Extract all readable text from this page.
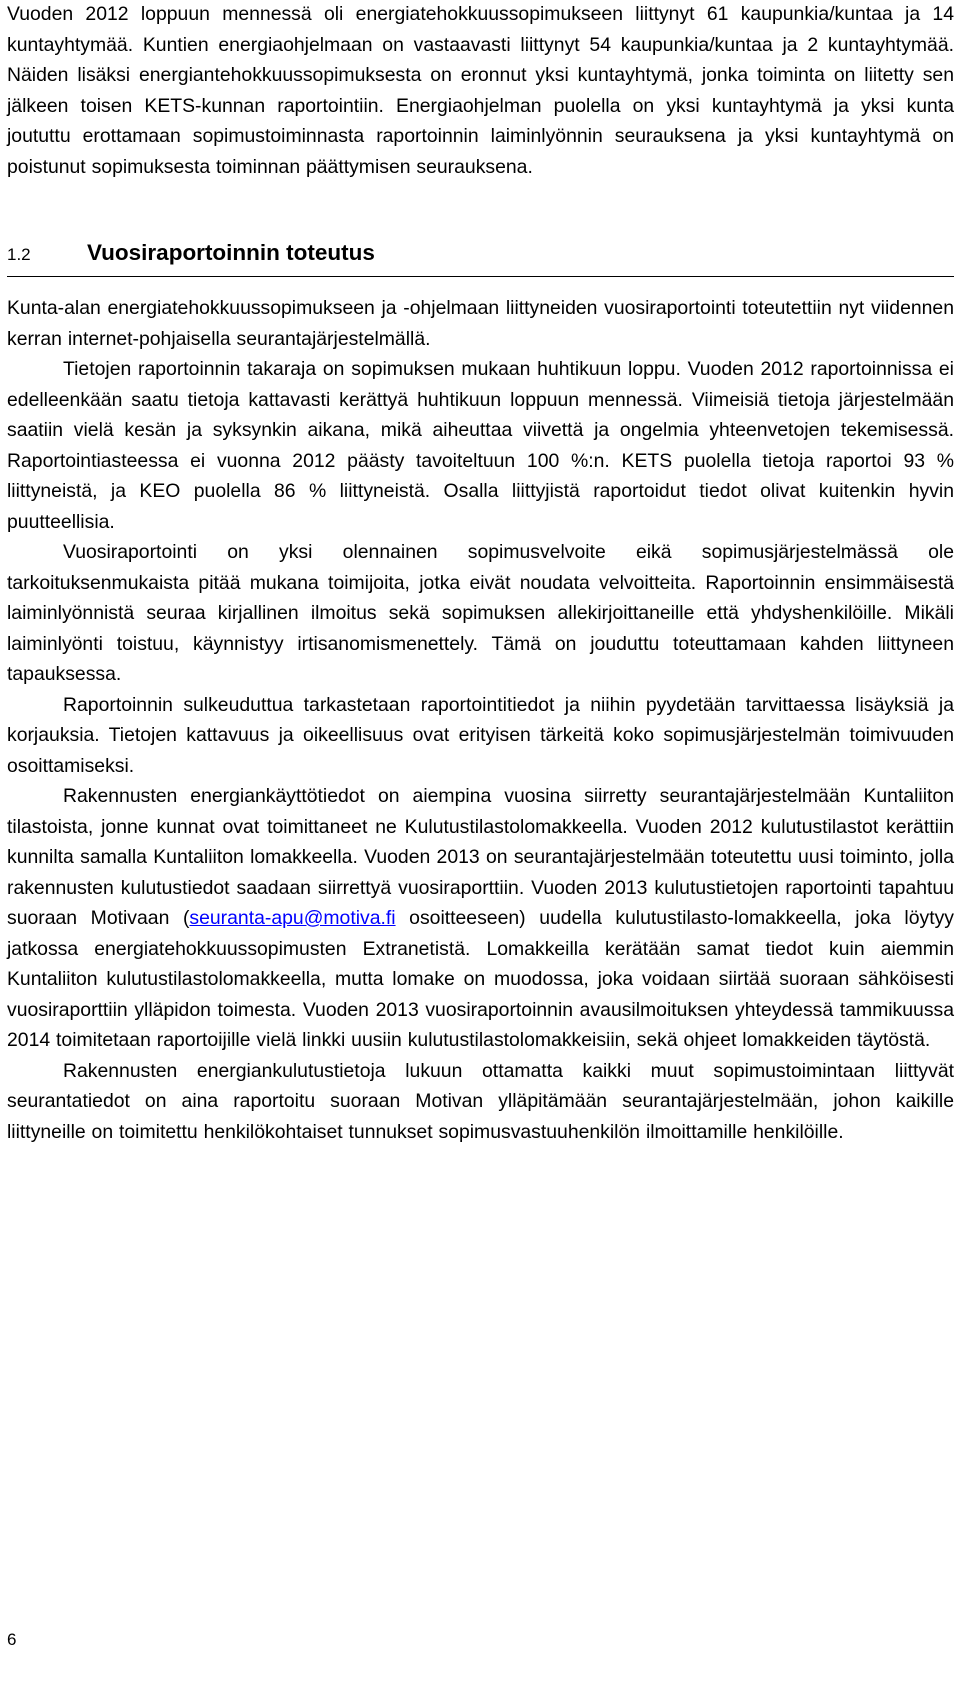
Vuoden 2012 loppuun mennessä oli energiatehokkuussopimukseen liittynyt 61 kaupunkia/kuntaa ja 14 kuntayhtymää. Kuntien energiaohjelmaan on vastaavasti liittynyt 54 kaupunkia/kuntaa ja 2 kuntayhtymää. Näiden lisäksi energiantehokkuussopimuksesta on eronnut yksi kuntayhtymä, jonka toiminta on liitetty sen jälkeen toisen KETS-kunnan raportointiin. Energiaohjelman puolella on yksi kuntayhtymä ja yksi kunta joututtu erottamaan sopimustoiminnasta raportoinnin laiminlyönnin seurauksena ja yksi kuntayhtymä on poistunut sopimuksesta toiminnan päättymisen seurauksena.

1.2	Vuosiraportoinnin toteutus

Kunta-alan energiatehokkuussopimukseen ja -ohjelmaan liittyneiden vuosiraportointi toteutettiin nyt viidennen kerran internet-pohjaisella seurantajärjestelmällä.

Tietojen raportoinnin takaraja on sopimuksen mukaan huhtikuun loppu. Vuoden 2012 raportoinnissa ei edelleenkään saatu tietoja kattavasti kerättyä huhtikuun loppuun mennessä. Viimeisiä tietoja järjestelmään saatiin vielä kesän ja syksynkin aikana, mikä aiheuttaa viivettä ja ongelmia yhteenvetojen tekemisessä. Raportointiasteessa ei vuonna 2012 päästy tavoiteltuun 100 %:n. KETS puolella tietoja raportoi 93 % liittyneistä, ja KEO puolella 86 % liittyneistä. Osalla liittyjistä raportoidut tiedot olivat kuitenkin hyvin puutteellisia.

Vuosiraportointi on yksi olennainen sopimusvelvoite eikä sopimusjärjestelmässä ole tarkoituksenmukaista pitää mukana toimijoita, jotka eivät noudata velvoitteita. Raportoinnin ensimmäisestä laiminlyönnistä seuraa kirjallinen ilmoitus sekä sopimuksen allekirjoittaneille että yhdyshenkilöille. Mikäli laiminlyönti toistuu, käynnistyy irtisanomismenettely. Tämä on jouduttu toteuttamaan kahden liittyneen tapauksessa.

Raportoinnin sulkeuduttua tarkastetaan raportointitiedot ja niihin pyydetään tarvittaessa lisäyksiä ja korjauksia. Tietojen kattavuus ja oikeellisuus ovat erityisen tärkeitä koko sopimusjärjestelmän toimivuuden osoittamiseksi.

Rakennusten energiankäyttötiedot on aiempina vuosina siirretty seurantajärjestelmään Kuntaliiton tilastoista, jonne kunnat ovat toimittaneet ne Kulutustilastolomakkeella. Vuoden 2012 kulutustilastot kerättiin kunnilta samalla Kuntaliiton lomakkeella. Vuoden 2013 on seurantajärjestelmään toteutettu uusi toiminto, jolla rakennusten kulutustiedot saadaan siirrettyä vuosiraporttiin. Vuoden 2013 kulutustietojen raportointi tapahtuu suoraan Motivaan (seuranta-apu@motiva.fi osoitteeseen) uudella kulutustilasto-lomakkeella, joka löytyy jatkossa energiatehokkuussopimusten Extranetistä. Lomakkeilla kerätään samat tiedot kuin aiemmin Kuntaliiton kulutustilastolomakkeella, mutta lomake on muodossa, joka voidaan siirtää suoraan sähköisesti vuosiraporttiin ylläpidon toimesta. Vuoden 2013 vuosiraportoinnin avausilmoituksen yhteydessä tammikuussa 2014 toimitetaan raportoijille vielä linkki uusiin kulutustilastolomakkeisiin, sekä ohjeet lomakkeiden täytöstä.

Rakennusten energiankulutustietoja lukuun ottamatta kaikki muut sopimustoimintaan liittyvät seurantatiedot on aina raportoitu suoraan Motivan ylläpitämään seurantajärjestelmään, johon kaikille liittyneille on toimitettu henkilökohtaiset tunnukset sopimusvastuuhenkilön ilmoittamille henkilöille.

6
